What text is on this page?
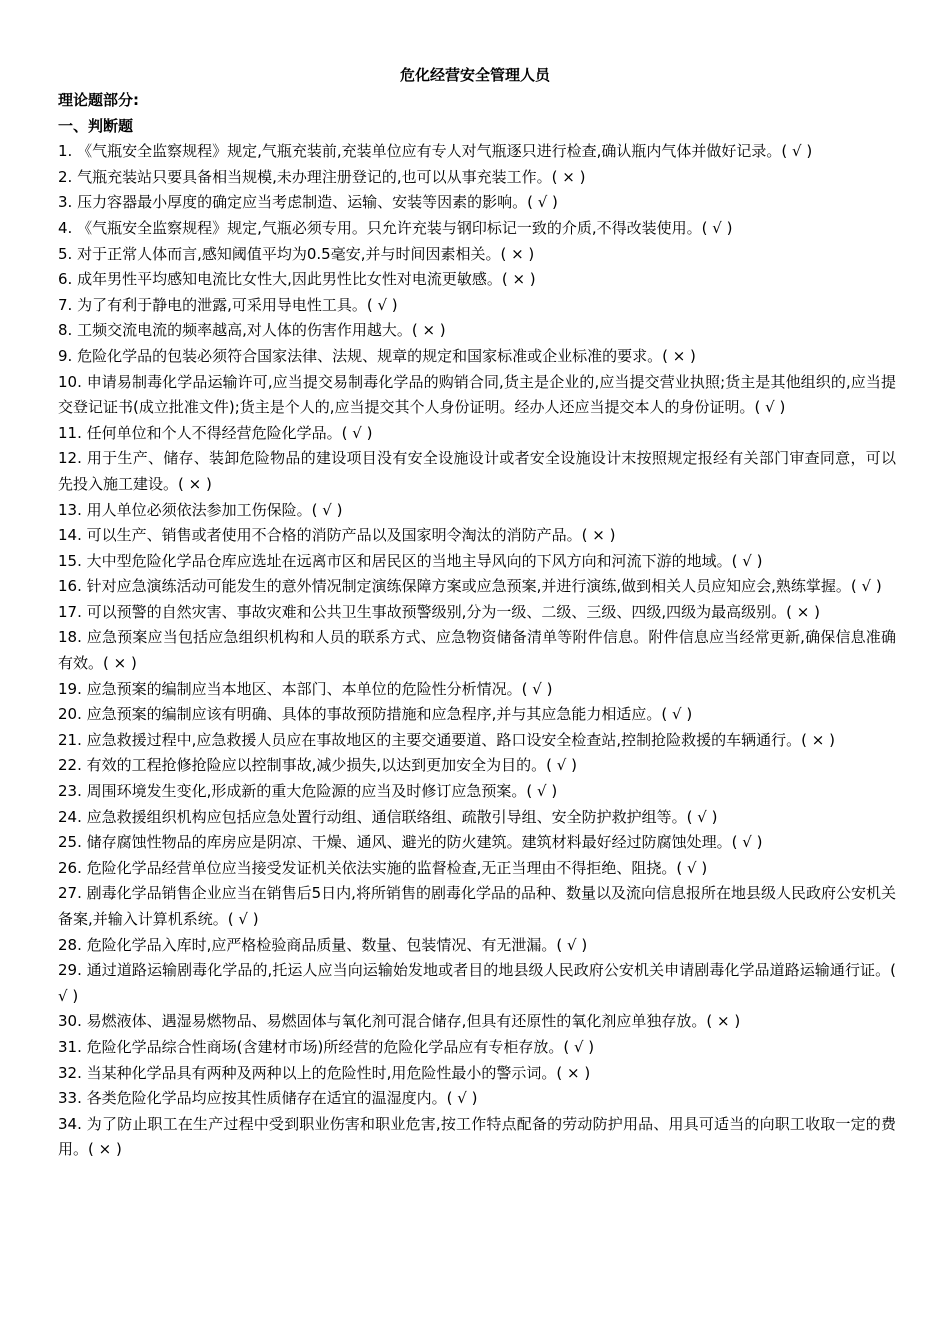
危化经营安全管理人员
理论题部分:
一、判断题
1. 《气瓶安全监察规程》规定,气瓶充装前,充装单位应有专人对气瓶逐只进行检查,确认瓶内气体并做好记录。( √ )
2. 气瓶充装站只要具备相当规模,未办理注册登记的,也可以从事充装工作。( × )
3. 压力容器最小厚度的确定应当考虑制造、运输、安装等因素的影响。( √ )
4. 《气瓶安全监察规程》规定,气瓶必须专用。只允许充装与钢印标记一致的介质,不得改装使用。( √ )
5. 对于正常人体而言,感知阈值平均为0.5毫安,并与时间因素相关。( × )
6. 成年男性平均感知电流比女性大,因此男性比女性对电流更敏感。( × )
7. 为了有利于静电的泄露,可采用导电性工具。( √ )
8. 工频交流电流的频率越高,对人体的伤害作用越大。( × )
9. 危险化学品的包装必须符合国家法律、法规、规章的规定和国家标准或企业标准的要求。( × )
10. 申请易制毒化学品运输许可,应当提交易制毒化学品的购销合同,货主是企业的,应当提交营业执照;货主是其他组织的,应当提交登记证书(成立批准文件);货主是个人的,应当提交其个人身份证明。经办人还应当提交本人的身份证明。( √ )
11. 任何单位和个人不得经营危险化学品。( √ )
12. 用于生产、储存、装卸危险物品的建设项目没有安全设施设计或者安全设施设计末按照规定报经有关部门审查同意，可以先投入施工建设。( × )
13. 用人单位必须依法参加工伤保险。( √ )
14. 可以生产、销售或者使用不合格的消防产品以及国家明令淘汰的消防产品。( × )
15. 大中型危险化学品仓库应选址在远离市区和居民区的当地主导风向的下风方向和河流下游的地域。( √ )
16. 针对应急演练活动可能发生的意外情况制定演练保障方案或应急预案,并进行演练,做到相关人员应知应会,熟练掌握。( √ )
17. 可以预警的自然灾害、事故灾难和公共卫生事故预警级别,分为一级、二级、三级、四级,四级为最高级别。( × )
18. 应急预案应当包括应急组织机构和人员的联系方式、应急物资储备清单等附件信息。附件信息应当经常更新,确保信息准确有效。( × )
19. 应急预案的编制应当本地区、本部门、本单位的危险性分析情况。( √ )
20. 应急预案的编制应该有明确、具体的事故预防措施和应急程序,并与其应急能力相适应。( √ )
21. 应急救援过程中,应急救援人员应在事故地区的主要交通要道、路口设安全检查站,控制抢险救援的车辆通行。( × )
22. 有效的工程抢修抢险应以控制事故,减少损失,以达到更加安全为目的。( √ )
23. 周围环境发生变化,形成新的重大危险源的应当及时修订应急预案。( √ )
24. 应急救援组织机构应包括应急处置行动组、通信联络组、疏散引导组、安全防护救护组等。( √ )
25. 储存腐蚀性物品的库房应是阴凉、干燥、通风、避光的防火建筑。建筑材料最好经过防腐蚀处理。( √ )
26. 危险化学品经营单位应当接受发证机关依法实施的监督检查,无正当理由不得拒绝、阻挠。( √ )
27. 剧毒化学品销售企业应当在销售后5日内,将所销售的剧毒化学品的品种、数量以及流向信息报所在地县级人民政府公安机关备案,并输入计算机系统。( √ )
28. 危险化学品入库时,应严格检验商品质量、数量、包装情况、有无泄漏。( √ )
29. 通过道路运输剧毒化学品的,托运人应当向运输始发地或者目的地县级人民政府公安机关申请剧毒化学品道路运输通行证。( √ )
30. 易燃液体、遇湿易燃物品、易燃固体与氧化剂可混合储存,但具有还原性的氧化剂应单独存放。( × )
31. 危险化学品综合性商场(含建材市场)所经营的危险化学品应有专柜存放。( √ )
32. 当某种化学品具有两种及两种以上的危险性时,用危险性最小的警示词。( × )
33. 各类危险化学品均应按其性质储存在适宜的温湿度内。( √ )
34. 为了防止职工在生产过程中受到职业伤害和职业危害,按工作特点配备的劳动防护用品、用具可适当的向职工收取一定的费用。( × )
